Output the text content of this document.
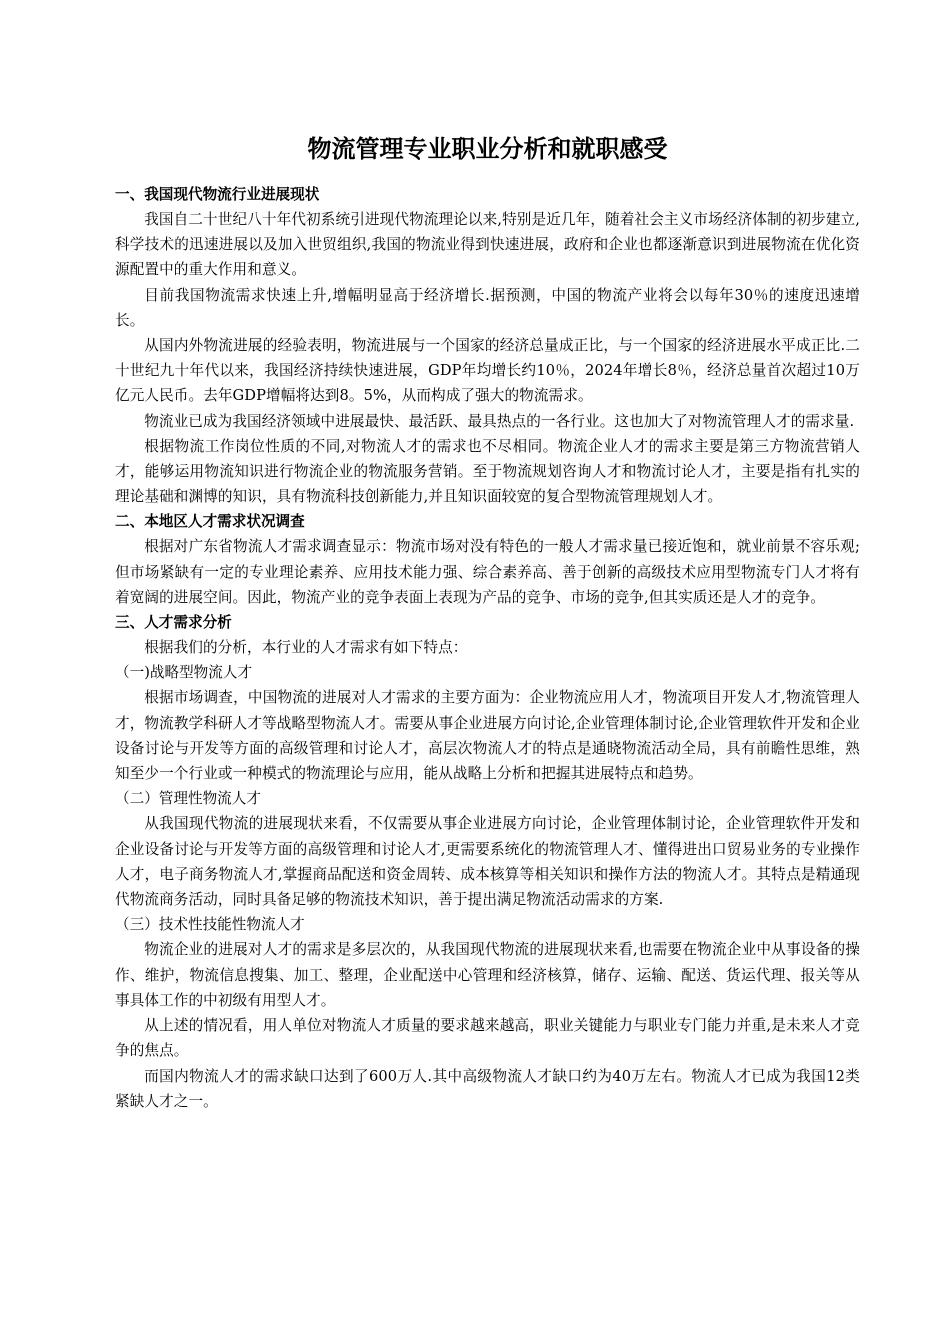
物流管理专业职业分析和就职感受
一、我国现代物流行业进展现状

我国自二十世纪八十年代初系统引进现代物流理论以来,特别是近几年，随着社会主义市场经济体制的初步建立,科学技术的迅速进展以及加入世贸组织,我国的物流业得到快速进展，政府和企业也都逐渐意识到进展物流在优化资源配置中的重大作用和意义。

目前我国物流需求快速上升,增幅明显高于经济增长.据预测，中国的物流产业将会以每年30％的速度迅速增长。

从国内外物流进展的经验表明，物流进展与一个国家的经济总量成正比，与一个国家的经济进展水平成正比.二十世纪九十年代以来，我国经济持续快速进展，GDP年均增长约10％，2024年增长8％，经济总量首次超过10万亿元人民币。去年GDP增幅将达到8。5%，从而构成了强大的物流需求。

物流业已成为我国经济领域中进展最快、最活跃、最具热点的一各行业。这也加大了对物流管理人才的需求量.

根据物流工作岗位性质的不同,对物流人才的需求也不尽相同。物流企业人才的需求主要是第三方物流营销人才，能够运用物流知识进行物流企业的物流服务营销。至于物流规划咨询人才和物流讨论人才，主要是指有扎实的理论基础和渊博的知识，具有物流科技创新能力,并且知识面较宽的复合型物流管理规划人才。

二、本地区人才需求状况调查

根据对广东省物流人才需求调查显示：物流市场对没有特色的一般人才需求量已接近饱和，就业前景不容乐观;但市场紧缺有一定的专业理论素养、应用技术能力强、综合素养高、善于创新的高级技术应用型物流专门人才将有着宽阔的进展空间。因此，物流产业的竞争表面上表现为产品的竞争、市场的竞争,但其实质还是人才的竞争。

三、人才需求分析

根据我们的分析，本行业的人才需求有如下特点：

（一)战略型物流人才

根据市场调查，中国物流的进展对人才需求的主要方面为：企业物流应用人才，物流项目开发人才,物流管理人才，物流教学科研人才等战略型物流人才。需要从事企业进展方向讨论,企业管理体制讨论,企业管理软件开发和企业设备讨论与开发等方面的高级管理和讨论人才，高层次物流人才的特点是通晓物流活动全局，具有前瞻性思维，熟知至少一个行业或一种模式的物流理论与应用，能从战略上分析和把握其进展特点和趋势。

（二）管理性物流人才

从我国现代物流的进展现状来看，不仅需要从事企业进展方向讨论，企业管理体制讨论，企业管理软件开发和企业设备讨论与开发等方面的高级管理和讨论人才,更需要系统化的物流管理人才、懂得进出口贸易业务的专业操作人才，电子商务物流人才,掌握商品配送和资金周转、成本核算等相关知识和操作方法的物流人才。其特点是精通现代物流商务活动，同时具备足够的物流技术知识，善于提出满足物流活动需求的方案.

（三）技术性技能性物流人才

物流企业的进展对人才的需求是多层次的，从我国现代物流的进展现状来看,也需要在物流企业中从事设备的操作、维护，物流信息搜集、加工、整理，企业配送中心管理和经济核算，储存、运输、配送、货运代理、报关等从事具体工作的中初级有用型人才。

从上述的情况看，用人单位对物流人才质量的要求越来越高，职业关键能力与职业专门能力并重,是未来人才竞争的焦点。

而国内物流人才的需求缺口达到了600万人.其中高级物流人才缺口约为40万左右。物流人才已成为我国12类紧缺人才之一。
